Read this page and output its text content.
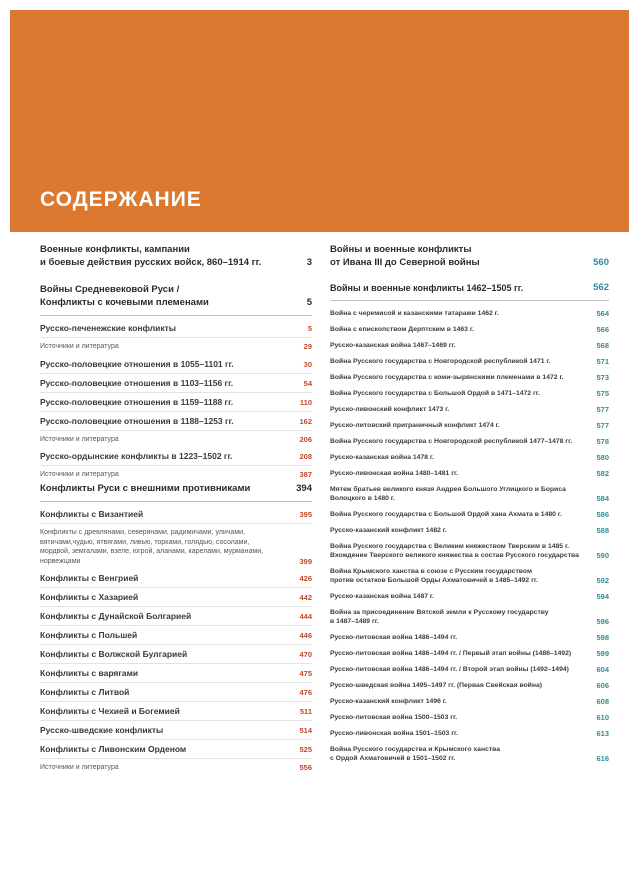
СОДЕРЖАНИЕ
Военные конфликты, кампании
и боевые действия русских войск, 860–1914 гг.	3
Войны Средневековой Руси /
Конфликты с кочевыми племенами	5
Русско-печенежские конфликты	5
Источники и литература	29
Русско-половецкие отношения в 1055–1101 гг.	30
Русско-половецкие отношения в 1103–1156 гг.	54
Русско-половецкие отношения в 1159–1188 гг.	110
Русско-половецкие отношения в 1188–1253 гг.	162
Источники и литература	206
Русско-ордынские конфликты в 1223–1502 гг.	208
Источники и литература	387
Конфликты Руси с внешними противниками	394
Конфликты с Византией	395
Конфликты с древлянами, северянами, радимичами, уличами,
вятичами,чудью, ятвягами, ливью, торками, голядью, сосолами,
мордвой, земгалами, взеле, югрой, аланами, карелами, мурманами,
норвежцами	399
Конфликты с Венгрией	426
Конфликты с Хазарией	442
Конфликты с Дунайской Болгарией	444
Конфликты с Польшей	446
Конфликты с Волжской Булгарией	470
Конфликты с варягами	475
Конфликты с Литвой	476
Конфликты с Чехией и Богемией	511
Русско-шведские конфликты	514
Конфликты с Ливонским Орденом	525
Источники и литература	556
Войны и военные конфликты
от Ивана III до Северной войны	560
Войны и военные конфликты 1462–1505 гг.	562
Война с черемисой и казанскими татарами 1462 г.	564
Война с епископством Дерптским в 1463 г.	566
Русско-казанская война 1467–1469 гг.	568
Война Русского государства с Новгородской республикой 1471 г.	571
Война Русского государства с коми-зырянскими племенами в 1472 г.	573
Война Русского государства с Большой Ордой в 1471–1472 гг.	575
Русско-ливонский конфликт 1473 г.	577
Русско-литовский приграничный конфликт 1474 г.	577
Война Русского государства с Новгородской республикой 1477–1478 гг.	578
Русско-казанская война 1478 г.	580
Русско-ливонская война 1480–1481 гг.	582
Мятеж братьев великого князя Андрея Большого Углицкого и Бориса
Волоцкого в 1480 г.	584
Война Русского государства с Большой Ордой хана Ахмата в 1480 г.	586
Русско-казанский конфликт 1482 г.	588
Война Русского государства с Великим княжеством Тверским в 1485 г.
Вхождение Тверского великого княжества в состав Русского государства	590
Война Крымского ханства в союзе с Русским государством
против остатков Большой Орды Ахматовичей в 1485–1492 гг.	592
Русско-казанская война 1487 г.	594
Война за присоединение Вятской земли к Русскому государству
в 1487–1489 гг.	596
Русско-литовская война 1486–1494 гг.	598
Русско-литовская война 1486–1494 гг. / Первый этап войны (1486–1492)	599
Русско-литовская война 1486–1494 гг. / Второй этап войны (1492–1494)	604
Русско-шведская война 1495–1497 гг. (Первая Свейская война)	606
Русско-казанский конфликт 1496 г.	608
Русско-литовская война 1500–1503 гг.	610
Русско-ливонская война 1501–1503 гг.	613
Война Русского государства и Крымского ханства
с Ордой Ахматовичей в 1501–1502 гг.	616
